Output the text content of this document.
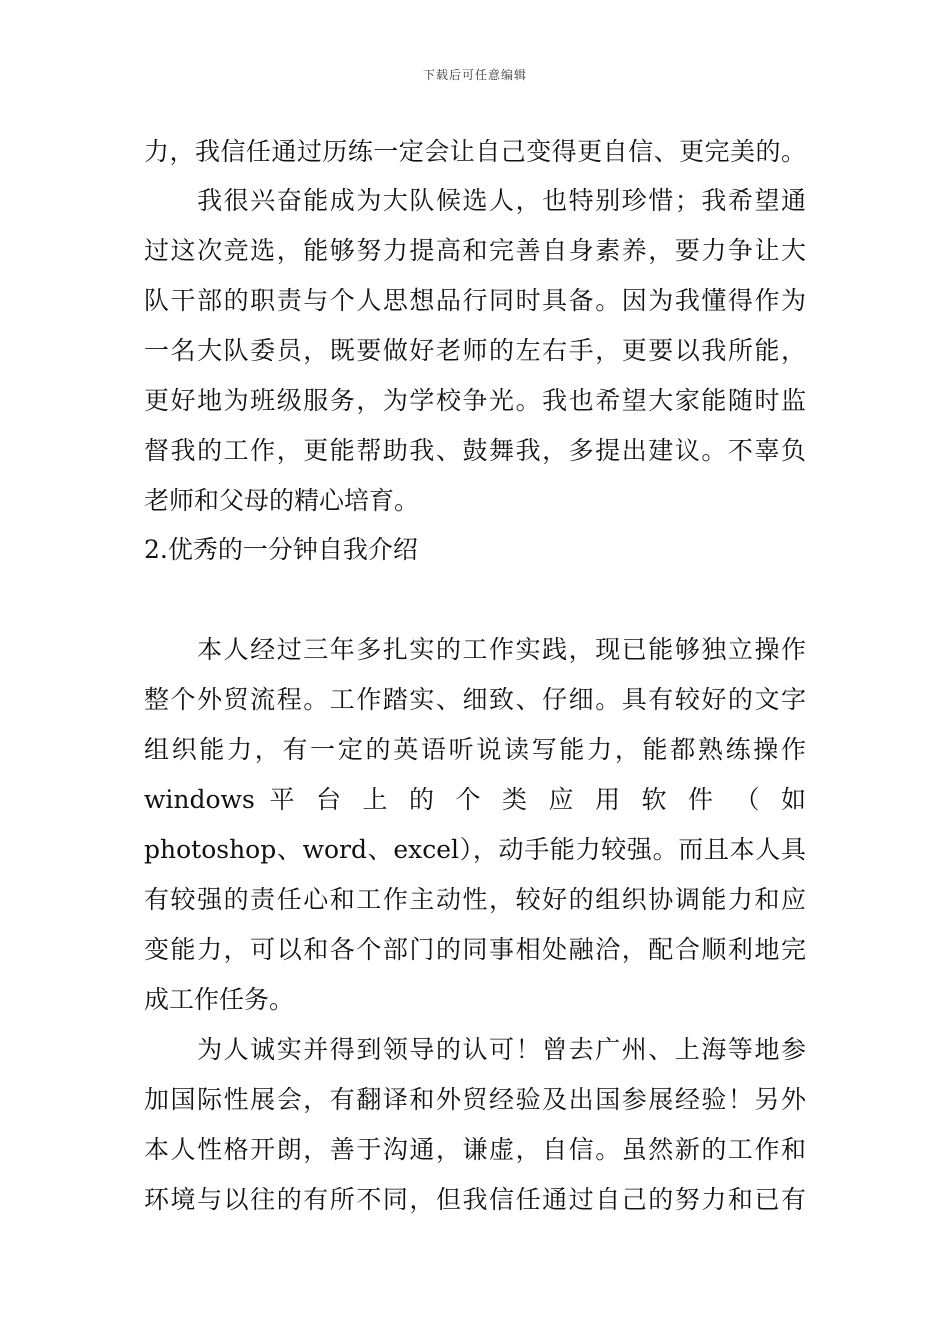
下载后可任意编辑
力，我信任通过历练一定会让自己变得更自信、更完美的。
　　我很兴奋能成为大队候选人，也特别珍惜；我希望通
过这次竞选，能够努力提高和完善自身素养，要力争让大
队干部的职责与个人思想品行同时具备。因为我懂得作为
一名大队委员，既要做好老师的左右手，更要以我所能，
更好地为班级服务，为学校争光。我也希望大家能随时监
督我的工作，更能帮助我、鼓舞我，多提出建议。不辜负
老师和父母的精心培育。
2.优秀的一分钟自我介绍
　　本人经过三年多扎实的工作实践，现已能够独立操作
整个外贸流程。工作踏实、细致、仔细。具有较好的文字
组织能力，有一定的英语听说读写能力，能都熟练操作
windows 平 台 上 的 个 类 应 用 软 件 （ 如
photoshop、word、excel），动手能力较强。而且本人具
有较强的责任心和工作主动性，较好的组织协调能力和应
变能力，可以和各个部门的同事相处融洽，配合顺利地完
成工作任务。
　　为人诚实并得到领导的认可！曾去广州、上海等地参
加国际性展会，有翻译和外贸经验及出国参展经验！另外
本人性格开朗，善于沟通，谦虚，自信。虽然新的工作和
环境与以往的有所不同，但我信任通过自己的努力和已有
